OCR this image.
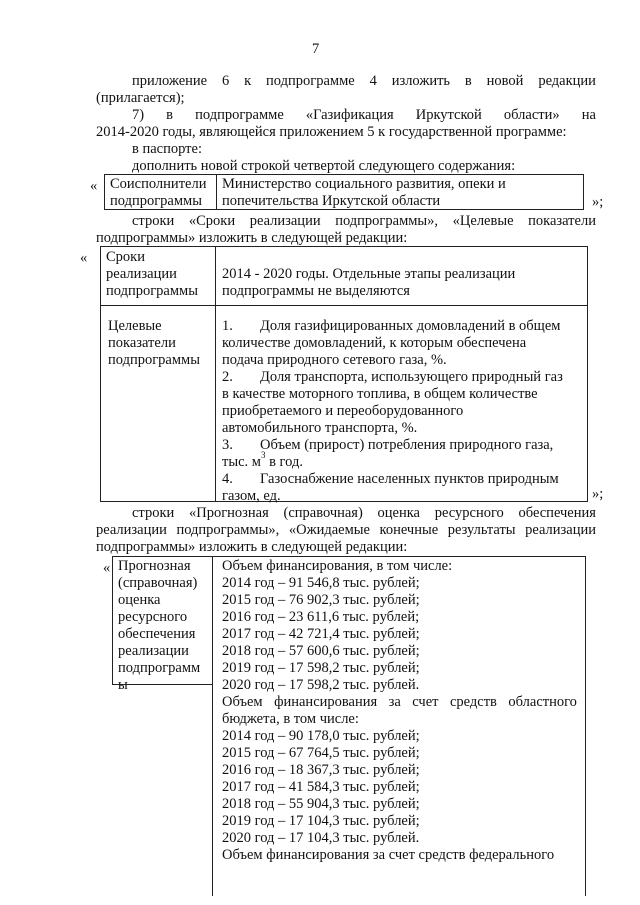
7
приложение 6 к подпрограмме 4 изложить в новой редакции
(прилагается);
7) в подпрограмме «Газификация Иркутской области» на
2014-2020 годы, являющейся приложением 5 к государственной программе:
в паспорте:
дополнить новой строкой четвертой следующего содержания:
« Соисполнители
подпрограммы
Министерство социального развития, опеки и
попечительства Иркутской области	»;
строки «Сроки реализации подпрограммы», «Целевые показатели
подпрограммы» изложить в следующей редакции:
« Сроки
реализации
подпрограммы
2014 - 2020 годы. Отдельные этапы реализации
подпрограммы не выделяются
Целевые
показатели
подпрограммы
1. Доля газифицированных домовладений в общем
количестве домовладений, к которым обеспечена
подача природного сетевого газа, %.
2. Доля транспорта, использующего природный газ
в качестве моторного топлива, в общем количестве
приобретаемого и переоборудованного
автомобильного транспорта, %.
3. Объем (прирост) потребления природного газа,
тыс. $м^3$ в год.
4. Газоснабжение населенных пунктов природным
газом, ед.	»;
строки «Прогнозная (справочная) оценка ресурсного обеспечения
реализации подпрограммы», «Ожидаемые конечные результаты реализации
подпрограммы» изложить в следующей редакции:
« Прогнозная
(справочная)
оценка
ресурсного
обеспечения
реализации
подпрограмм
ы
Объем финансирования, в том числе:
2014 год – 91 546,8 тыс. рублей;
2015 год – 76 902,3 тыс. рублей;
2016 год – 23 611,6 тыс. рублей;
2017 год – 42 721,4 тыс. рублей;
2018 год – 57 600,6 тыс. рублей;
2019 год – 17 598,2 тыс. рублей;
2020 год – 17 598,2 тыс. рублей.
Объем финансирования за счет средств областного
бюджета, в том числе:
2014 год – 90 178,0 тыс. рублей;
2015 год – 67 764,5 тыс. рублей;
2016 год – 18 367,3 тыс. рублей;
2017 год – 41 584,3 тыс. рублей;
2018 год – 55 904,3 тыс. рублей;
2019 год – 17 104,3 тыс. рублей;
2020 год – 17 104,3 тыс. рублей.
Объем финансирования за счет средств федерального
